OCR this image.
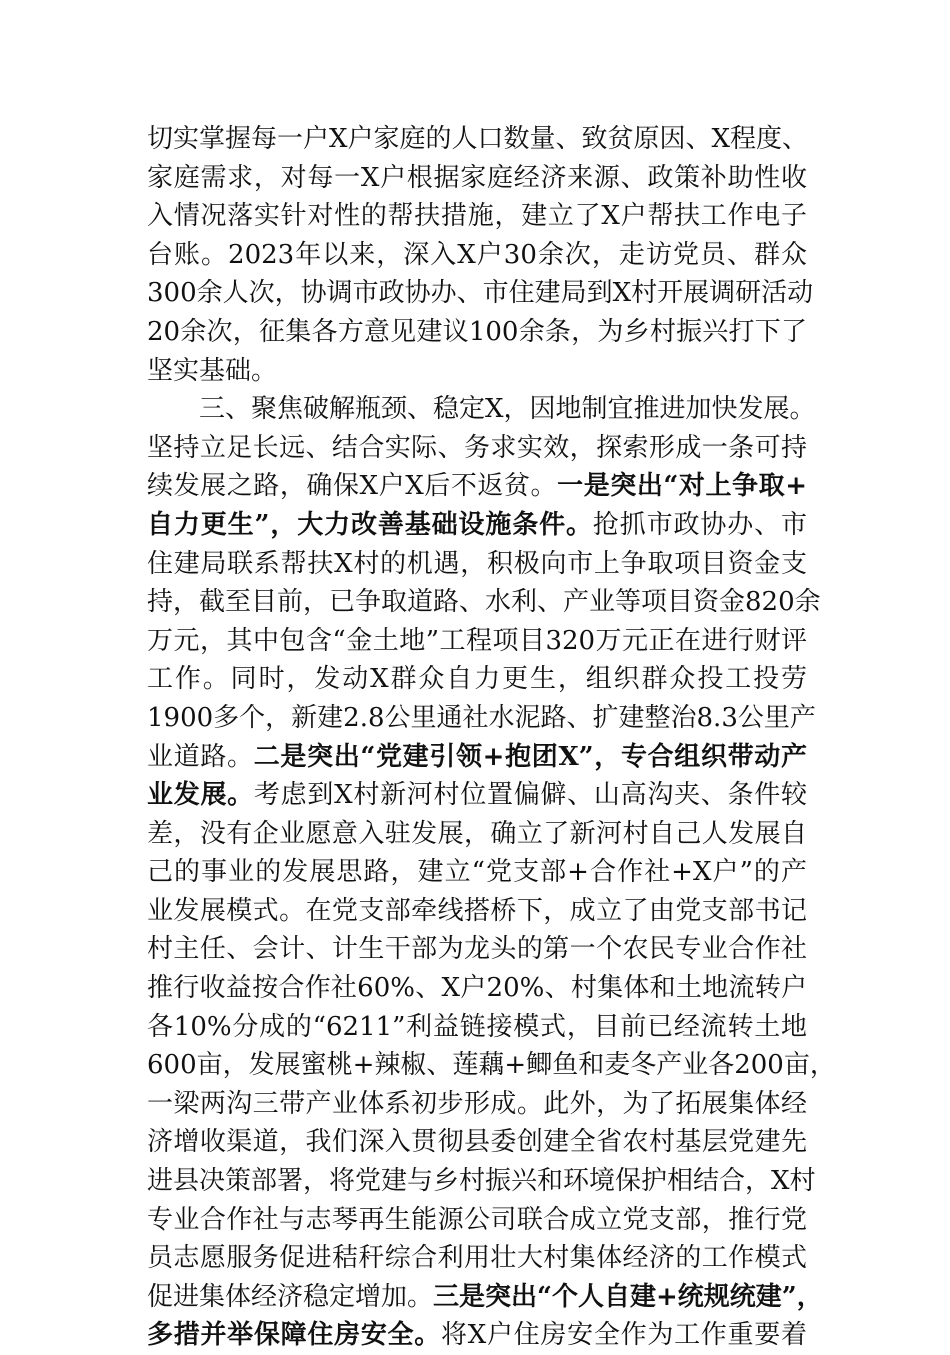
切实掌握每一户X户家庭的人口数量、致贫原因、X程度、
家庭需求，对每一X户根据家庭经济来源、政策补助性收
入情况落实针对性的帮扶措施，建立了X户帮扶工作电子
台账。2023年以来，深入X户30余次，走访党员、群众
300余人次，协调市政协办、市住建局到X村开展调研活动
20余次，征集各方意见建议100余条，为乡村振兴打下了
坚实基础。
三、聚焦破解瓶颈、稳定X，因地制宜推进加快发展。
坚持立足长远、结合实际、务求实效，探索形成一条可持
续发展之路，确保X户X后不返贫。一是突出“对上争取+
自力更生”，大力改善基础设施条件。抢抓市政协办、市
住建局联系帮扶X村的机遇，积极向市上争取项目资金支
持，截至目前，已争取道路、水利、产业等项目资金820余
万元，其中包含“金土地”工程项目320万元正在进行财评
工作。同时，发动X群众自力更生，组织群众投工投劳
1900多个，新建2.8公里通社水泥路、扩建整治8.3公里产
业道路。二是突出“党建引领+抱团X”，专合组织带动产
业发展。考虑到X村新河村位置偏僻、山高沟夹、条件较
差，没有企业愿意入驻发展，确立了新河村自己人发展自
己的事业的发展思路，建立“党支部+合作社+X户”的产
业发展模式。在党支部牵线搭桥下，成立了由党支部书记
村主任、会计、计生干部为龙头的第一个农民专业合作社
推行收益按合作社60%、X户20%、村集体和土地流转户
各10%分成的“6211”利益链接模式，目前已经流转土地
600亩，发展蜜桃+辣椒、莲藕+鲫鱼和麦冬产业各200亩，
一梁两沟三带产业体系初步形成。此外，为了拓展集体经
济增收渠道，我们深入贯彻县委创建全省农村基层党建先
进县决策部署，将党建与乡村振兴和环境保护相结合，X村
专业合作社与志琴再生能源公司联合成立党支部，推行党
员志愿服务促进秸秆综合利用壮大村集体经济的工作模式
促进集体经济稳定增加。三是突出“个人自建+统规统建”，
多措并举保障住房安全。将X户住房安全作为工作重要着
